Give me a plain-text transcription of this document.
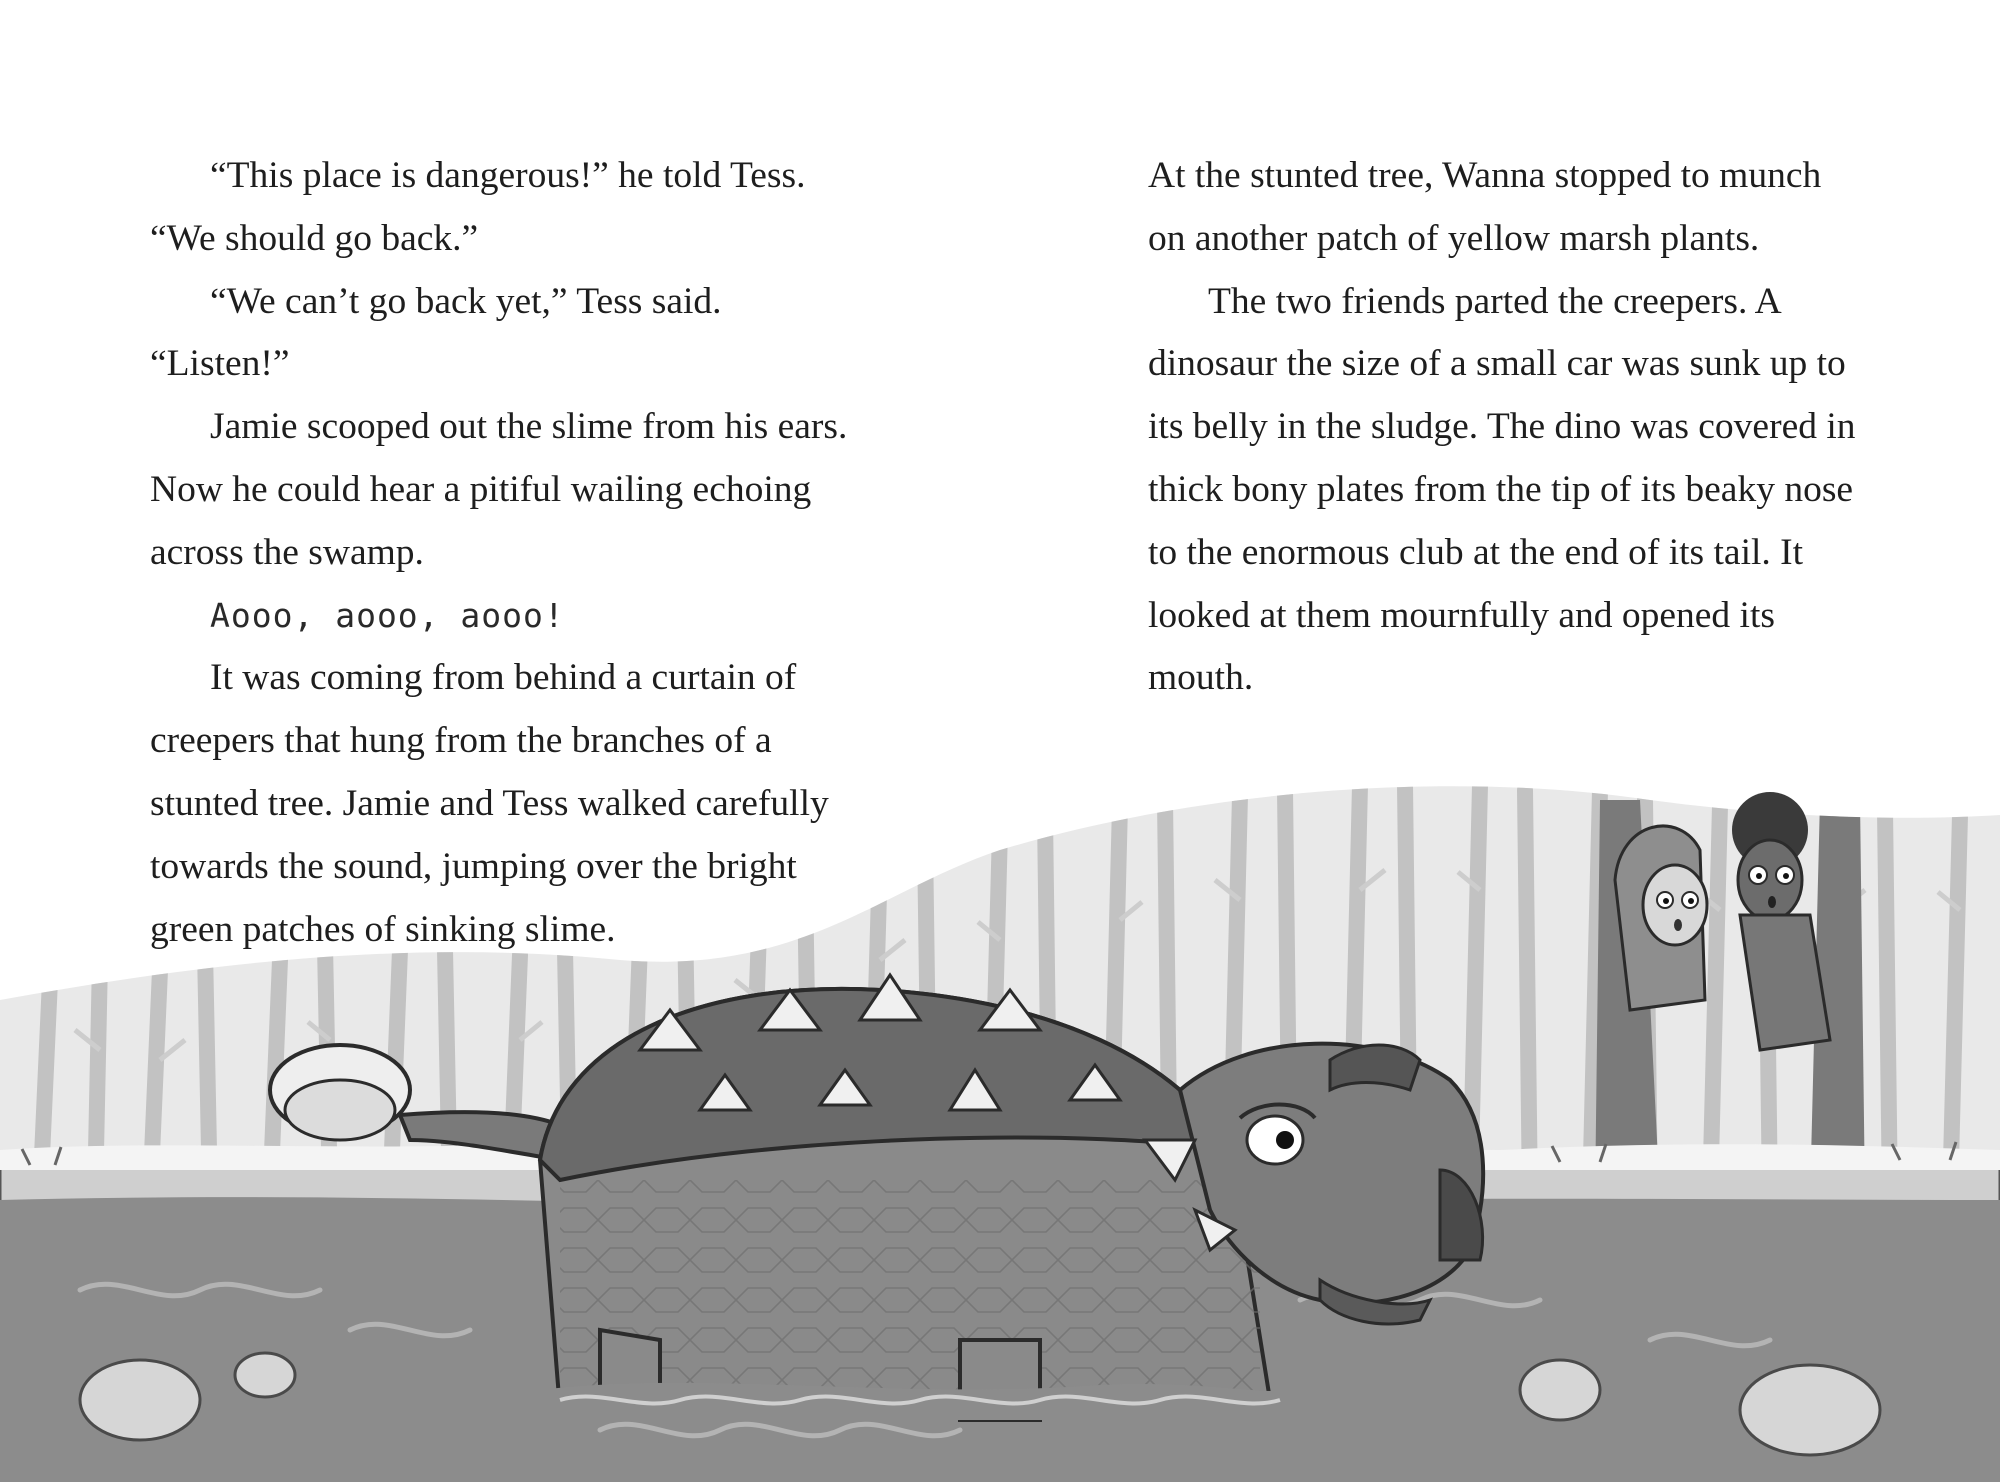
“This place is dangerous!” he told Tess. “We should go back.”

“We can’t go back yet,” Tess said. “Listen!”

Jamie scooped out the slime from his ears. Now he could hear a pitiful wailing echoing across the swamp.

Aooo, aooo, aooo!

It was coming from behind a curtain of creepers that hung from the branches of a stunted tree. Jamie and Tess walked carefully towards the sound, jumping over the bright green patches of sinking slime.

At the stunted tree, Wanna stopped to munch on another patch of yellow marsh plants.

The two friends parted the creepers. A dinosaur the size of a small car was sunk up to its belly in the sludge. The dino was covered in thick bony plates from the tip of its beaky nose to the enormous club at the end of its tail. It looked at them mournfully and opened its mouth.
